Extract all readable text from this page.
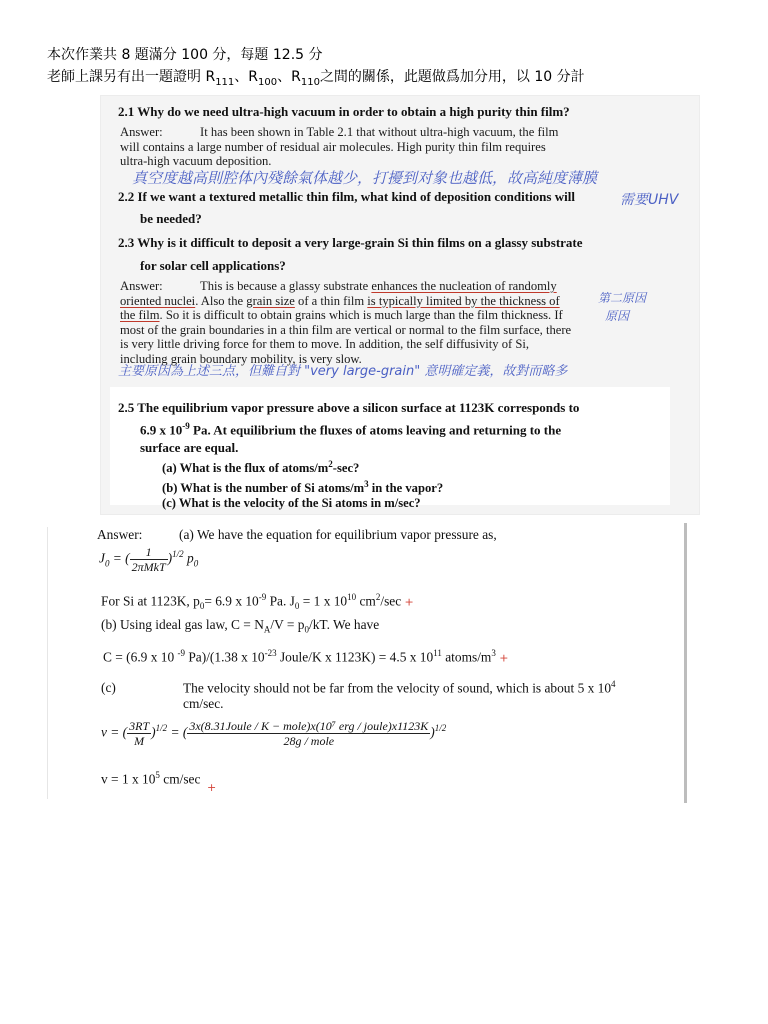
本次作業共 8 題滿分 100 分，每題 12.5 分
老師上課另有出一題證明 $R_{111}$、$R_{100}$、$R_{110}$之間的關係，此題做爲加分用，以 10 分計
2.1 Why do we need ultra-high vacuum in order to obtain a high purity thin film?
Answer:	It has been shown in Table 2.1 that without ultra-high vacuum, the film
will contains a large number of residual air molecules. High purity thin film requires
ultra-high vacuum deposition.
真空度越高則腔体內殘餘氣体越少，打擾到对象也越低，故高純度薄膜
2.2 If we want a textured metallic thin film, what kind of deposition conditions will
be needed?
需要UHV
2.3 Why is it difficult to deposit a very large-grain Si thin films on a glassy substrate
for solar cell applications?
Answer:	This is because a glassy substrate enhances the nucleation of randomly
oriented nuclei. Also the grain size of a thin film is typically limited by the thickness of
the film. So it is difficult to obtain grains which is much large than the film thickness. If
most of the grain boundaries in a thin film are vertical or normal to the film surface, there
is very little driving force for them to move. In addition, the self diffusivity of Si,
including grain boundary mobility, is very slow.
第二原因
原因
主要原因為上述三点，但難自對 "very large-grain" 意明確定義，故對而略多
2.5 The equilibrium vapor pressure above a silicon surface at 1123K corresponds to
6.9 x $10^{-9}$ Pa. At equilibrium the fluxes of atoms leaving and returning to the
surface are equal.
(a) What is the flux of atoms/$m^2-\sec$?
(b) What is the number of Si atoms/$m^3$ in the vapor?
(c) What is the velocity of the Si atoms in m/sec?
Answer:	(a) We have the equation for equilibrium vapor pressure as,
$J_0$ = ( $\frac{1}{\text{2πMkT}} )^{1/2}$ $p_0$
For Si at 1123K, $p_0= 6.9$ x $10^{-9}$ Pa. $J_0 = 1$ x $10^{10}$ $cm^2/\sec$ +
(b) Using ideal gas law, $C = N_A/V = p_0/kT$. We have
C = (6.9 x 10 $^{-9}$ Pa)/(1.38 x $10^{-23}$ Joule/K x 1123K) = 4.5 x $10^{11}$ atoms/$m^3$ +
(c)	The velocity should not be far from the velocity of sound, which is about 5 x $10^4$
cm/sec.
v = ( $\frac{3RT}{M} )^{1/2}$ = ( $\frac{\text{3x(8.31Joule / K − mole)x(10⁷ erg / joule)x1123K}}{\text{28g / mole}} )^{1/2}$
v = 1 x $10^5$ cm/sec
+
